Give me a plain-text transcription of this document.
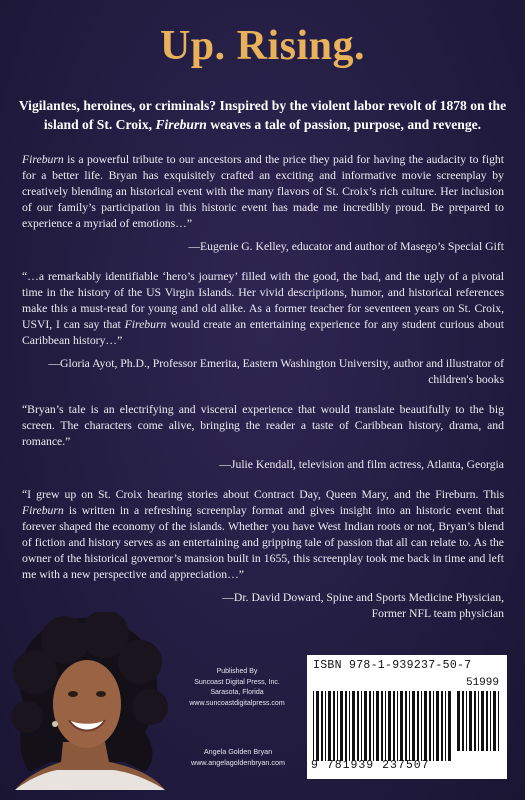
Up. Rising.
Vigilantes, heroines, or criminals? Inspired by the violent labor revolt of 1878 on the island of St. Croix, Fireburn weaves a tale of passion, purpose, and revenge.
Fireburn is a powerful tribute to our ancestors and the price they paid for having the audacity to fight for a better life. Bryan has exquisitely crafted an exciting and informative movie screenplay by creatively blending an historical event with the many flavors of St. Croix’s rich culture. Her inclusion of our family’s participation in this historic event has made me incredibly proud. Be prepared to experience a myriad of emotions…”
—Eugenie G. Kelley, educator and author of Masego’s Special Gift
“…a remarkably identifiable ‘hero’s journey’ filled with the good, the bad, and the ugly of a pivotal time in the history of the US Virgin Islands. Her vivid descriptions, humor, and historical references make this a must-read for young and old alike. As a former teacher for seventeen years on St. Croix, USVI, I can say that Fireburn would create an entertaining experience for any student curious about Caribbean history…”
—Gloria Ayot, Ph.D., Professor Emerita, Eastern Washington University, author and illustrator of children's books
“Bryan’s tale is an electrifying and visceral experience that would translate beautifully to the big screen. The characters come alive, bringing the reader a taste of Caribbean history, drama, and romance.”
—Julie Kendall, television and film actress, Atlanta, Georgia
“I grew up on St. Croix hearing stories about Contract Day, Queen Mary, and the Fireburn. This Fireburn is written in a refreshing screenplay format and gives insight into an historic event that forever shaped the economy of the islands. Whether you have West Indian roots or not, Bryan’s blend of fiction and history serves as an entertaining and gripping tale of passion that all can relate to. As the owner of the historical governor’s mansion built in 1655, this screenplay took me back in time and left me with a new perspective and appreciation…”
—Dr. David Doward, Spine and Sports Medicine Physician,
Former NFL team physician
Published By
Suncoast Digital Press, Inc.
Sarasota, Florida
www.suncoastdigitalpress.com
Angela Golden Bryan
www.angelagoldenbryan.com
ISBN 978-1-939237-50-7
51999
9 781939 237507
